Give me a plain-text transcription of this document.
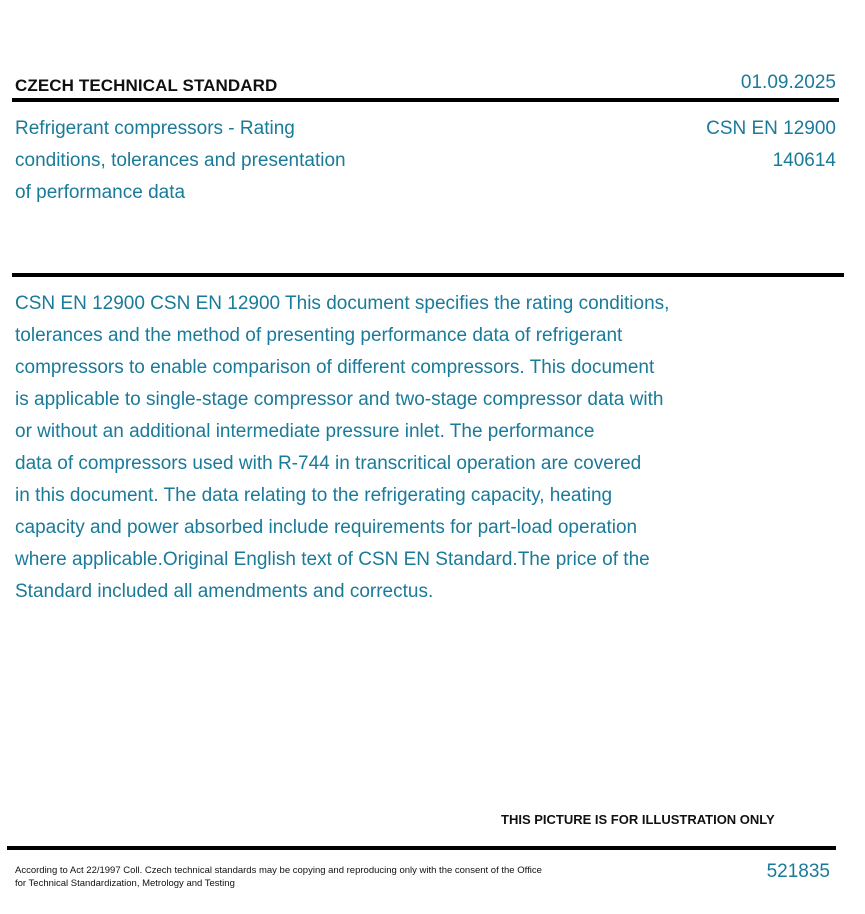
CZECH TECHNICAL STANDARD	01.09.2025
Refrigerant compressors - Rating
conditions, tolerances and presentation
of performance data
CSN EN 12900
140614
CSN EN 12900 CSN EN 12900 This document specifies the rating conditions,
tolerances and the method of presenting performance data of refrigerant
compressors to enable comparison of different compressors. This document
is applicable to single-stage compressor and two-stage compressor data with
or without an additional intermediate pressure inlet. The performance
data of compressors used with R-744 in transcritical operation are covered
in this document. The data relating to the refrigerating capacity, heating
capacity and power absorbed include requirements for part-load operation
where applicable.Original English text of CSN EN Standard.The price of the
Standard included all amendments and correctus.
THIS PICTURE IS FOR ILLUSTRATION ONLY
According to Act 22/1997 Coll. Czech technical standards may be copying and reproducing only with the consent of the Office
for Technical Standardization, Metrology and Testing
521835
